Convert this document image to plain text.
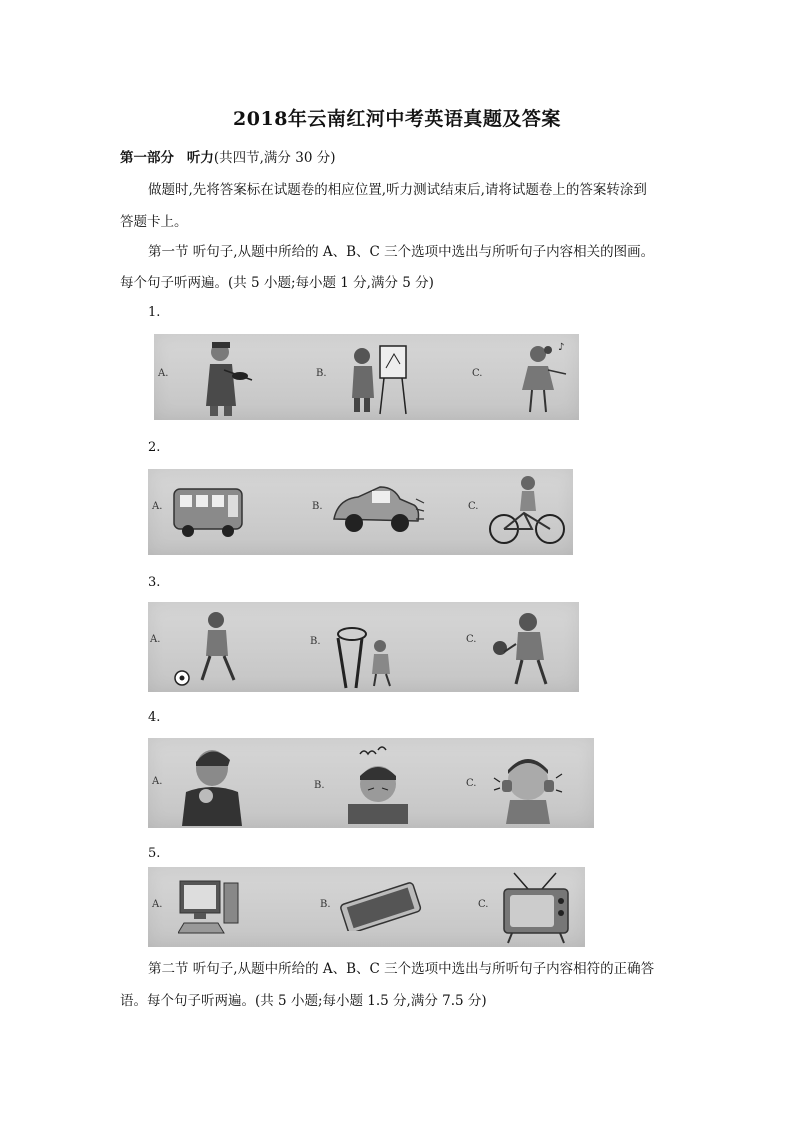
2018年云南红河中考英语真题及答案

第一部分 听力(共四节,满分 30 分)

做题时,先将答案标在试题卷的相应位置,听力测试结束后,请将试题卷上的答案转涂到

答题卡上。

第一节 听句子,从题中所给的 A、B、C 三个选项中选出与所听句子内容相关的图画。

每个句子听两遍。(共 5 小题;每小题 1 分,满分 5 分)

1.

A.	B.	C.
♪

2.

A.	B.	C.

3.

A.	B.	C.

4.

A.	B.	C.

5.

A.	B.	C.

第二节 听句子,从题中所给的 A、B、C 三个选项中选出与所听句子内容相符的正确答

语。每个句子听两遍。(共 5 小题;每小题 1.5 分,满分 7.5 分)
